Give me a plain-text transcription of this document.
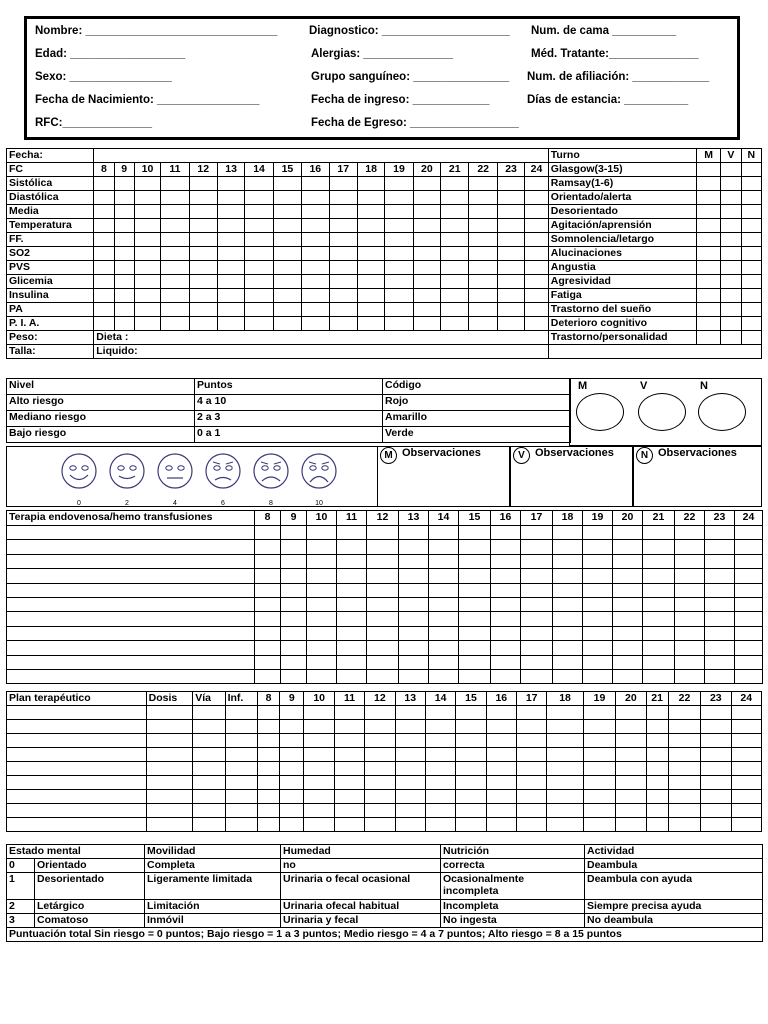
Nombre: ______________________________	Diagnostico: ____________________ Num. de cama __________
Edad: __________________	Alergias: ______________	Méd. Tratante:______________
Sexo: ________________	Grupo sanguíneo: _______________ Num. de afiliación: ____________
Fecha de Nacimiento: ________________	Fecha de ingreso: ____________	Días de estancia: __________
RFC:______________	Fecha de Egreso: _________________
Fecha:																		Turno	M	V	N
FC	8	9	10	11	12	13	14	15	16	17	18	19	20	21	22	23	24	Glasgow(3-15)			
Sistólica																		Ramsay(1-6)			
Diastólica																		Orientado/alerta			
Media																		Desorientado			
Temperatura																		Agitación/aprensión			
FF.																		Somnolencia/letargo			
SO2																		Alucinaciones			
PVS																		Angustia			
Glicemia																		Agresividad			
Insulina																		Fatiga			
PA																		Trastorno del sueño			
P. I. A.																		Deterioro cognitivo			
Peso:	Dieta :																	Trastorno/personalidad			
Talla:	Liquido:																				
Nivel	Puntos	Código
Alto riesgo	4 a 10	Rojo
Mediano riesgo	2 a 3	Amarillo
Bajo riesgo	0 a 1	Verde
M	V	N
0	2	4	6	8	10
M Observaciones	V Observaciones	N Observaciones
Terapia endovenosa/hemo transfusiones	8	9	10	11	12	13	14	15	16	17	18	19	20	21	22	23	24

Plan terapéutico	Dosis	Vía	Inf.	8	9	10	11	12	13	14	15	16	17	18	19	20	21	22	23	24

Estado mental		Movilidad	Humedad	Nutrición	Actividad
0	Orientado	Completa	no	correcta	Deambula
1	Desorientado	Ligeramente limitada	Urinaria o fecal ocasional	Ocasionalmente incompleta	Deambula con ayuda
2	Letárgico	Limitación	Urinaria ofecal habitual	Incompleta	Siempre precisa ayuda
3	Comatoso	Inmóvil	Urinaria y fecal	No ingesta	No deambula
Puntuación total Sin riesgo = 0 puntos; Bajo riesgo = 1 a 3 puntos; Medio riesgo = 4 a 7 puntos; Alto riesgo = 8 a 15 puntos					
